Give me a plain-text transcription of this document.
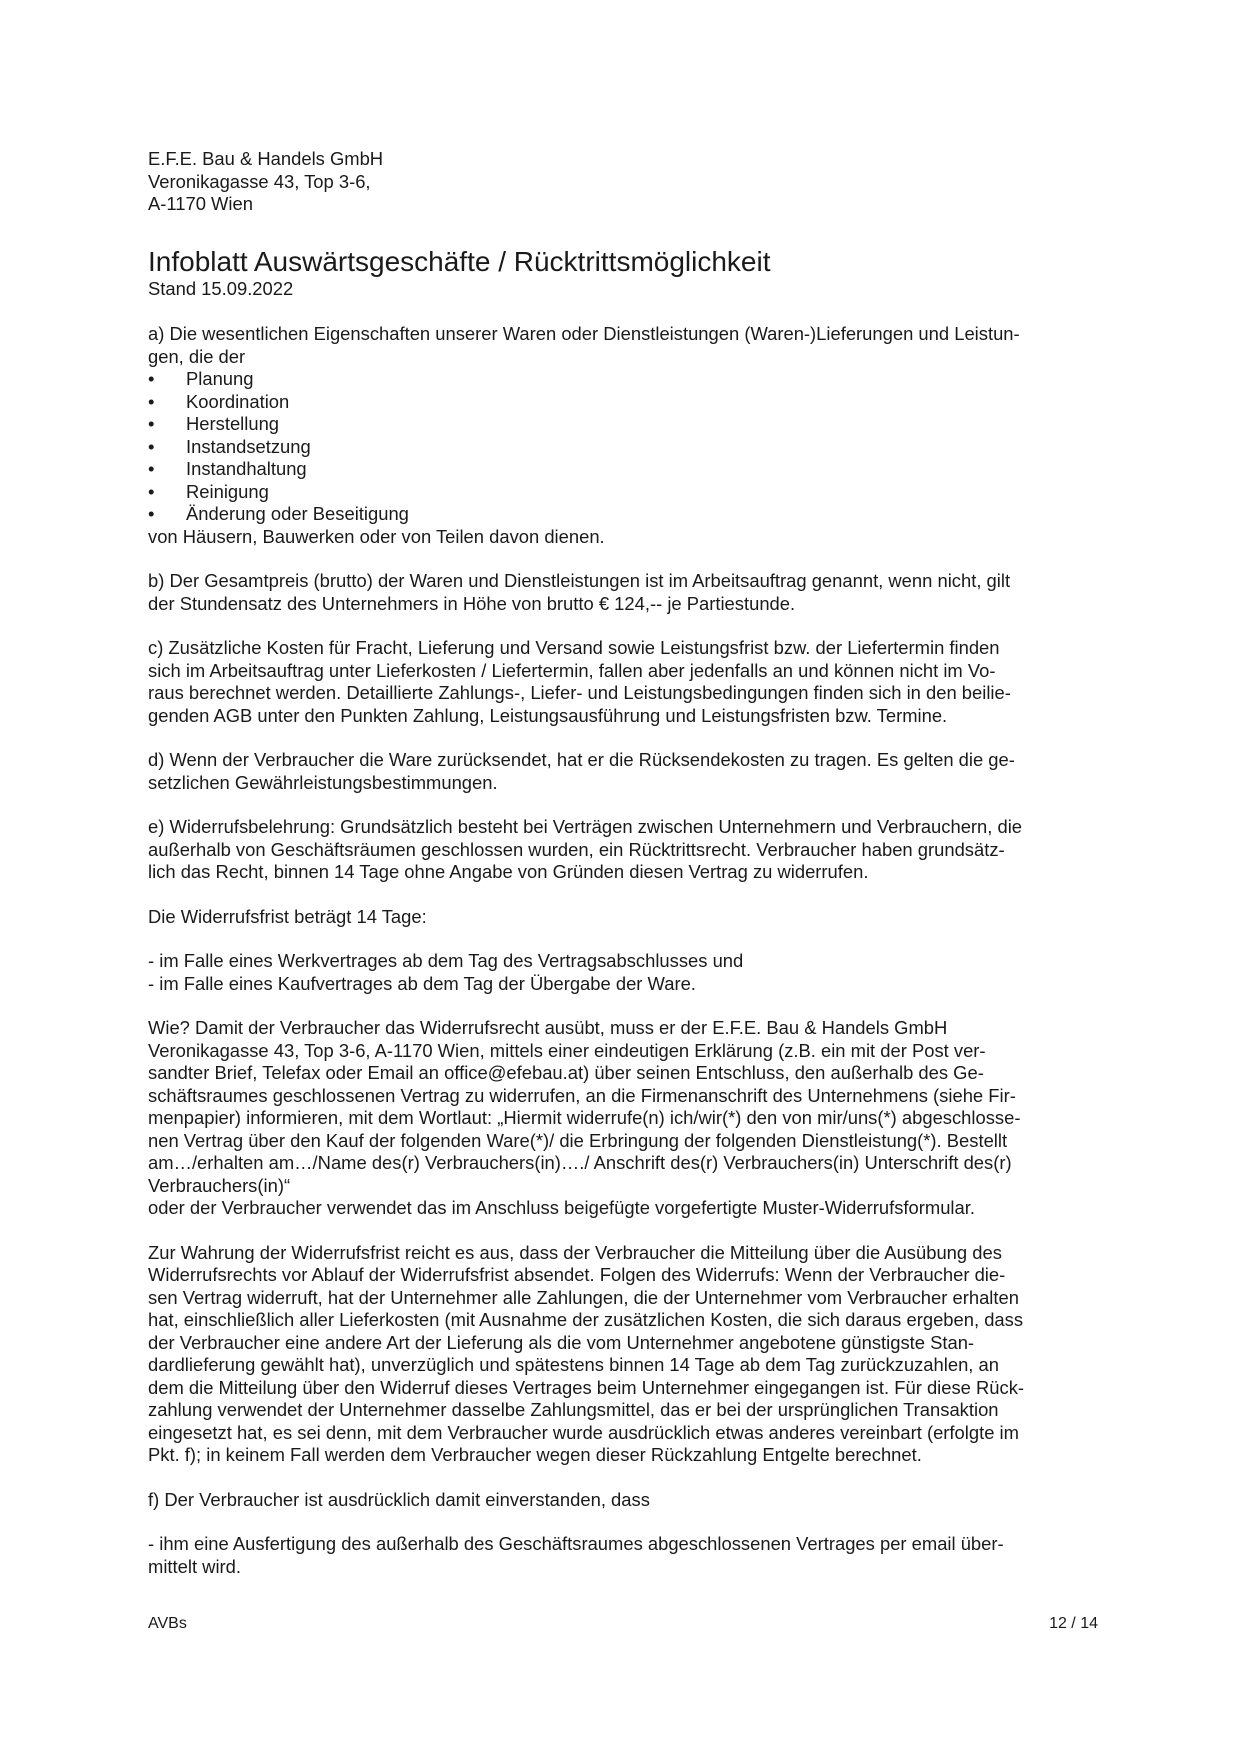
E.F.E. Bau & Handels GmbH
Veronikagasse 43, Top 3-6,
A-1170 Wien
Infoblatt Auswärtsgeschäfte / Rücktrittsmöglichkeit
Stand 15.09.2022
a) Die wesentlichen Eigenschaften unserer Waren oder Dienstleistungen (Waren-)Lieferungen und Leistun-
gen, die der
• Planung
• Koordination
• Herstellung
• Instandsetzung
• Instandhaltung
• Reinigung
• Änderung oder Beseitigung
von Häusern, Bauwerken oder von Teilen davon dienen.
b) Der Gesamtpreis (brutto) der Waren und Dienstleistungen ist im Arbeitsauftrag genannt, wenn nicht, gilt
der Stundensatz des Unternehmers in Höhe von brutto € 124,-- je Partiestunde.
c) Zusätzliche Kosten für Fracht, Lieferung und Versand sowie Leistungsfrist bzw. der Liefertermin finden
sich im Arbeitsauftrag unter Lieferkosten / Liefertermin, fallen aber jedenfalls an und können nicht im Vo-
raus berechnet werden. Detaillierte Zahlungs-, Liefer- und Leistungsbedingungen finden sich in den beilie-
genden AGB unter den Punkten Zahlung, Leistungsausführung und Leistungsfristen bzw. Termine.
d) Wenn der Verbraucher die Ware zurücksendet, hat er die Rücksendekosten zu tragen. Es gelten die ge-
setzlichen Gewährleistungsbestimmungen.
e) Widerrufsbelehrung: Grundsätzlich besteht bei Verträgen zwischen Unternehmern und Verbrauchern, die
außerhalb von Geschäftsräumen geschlossen wurden, ein Rücktrittsrecht. Verbraucher haben grundsätz-
lich das Recht, binnen 14 Tage ohne Angabe von Gründen diesen Vertrag zu widerrufen.
Die Widerrufsfrist beträgt 14 Tage:
- im Falle eines Werkvertrages ab dem Tag des Vertragsabschlusses und
- im Falle eines Kaufvertrages ab dem Tag der Übergabe der Ware.
Wie? Damit der Verbraucher das Widerrufsrecht ausübt, muss er der E.F.E. Bau & Handels GmbH
Veronikagasse 43, Top 3-6, A-1170 Wien, mittels einer eindeutigen Erklärung (z.B. ein mit der Post ver-
sandter Brief, Telefax oder Email an office@efebau.at) über seinen Entschluss, den außerhalb des Ge-
schäftsraumes geschlossenen Vertrag zu widerrufen, an die Firmenanschrift des Unternehmens (siehe Fir-
menpapier) informieren, mit dem Wortlaut: „Hiermit widerrufe(n) ich/wir(*) den von mir/uns(*) abgeschlosse-
nen Vertrag über den Kauf der folgenden Ware(*)/ die Erbringung der folgenden Dienstleistung(*). Bestellt
am…/erhalten am…/Name des(r) Verbrauchers(in)…./ Anschrift des(r) Verbrauchers(in) Unterschrift des(r)
Verbrauchers(in)“
oder der Verbraucher verwendet das im Anschluss beigefügte vorgefertigte Muster-Widerrufsformular.
Zur Wahrung der Widerrufsfrist reicht es aus, dass der Verbraucher die Mitteilung über die Ausübung des
Widerrufsrechts vor Ablauf der Widerrufsfrist absendet. Folgen des Widerrufs: Wenn der Verbraucher die-
sen Vertrag widerruft, hat der Unternehmer alle Zahlungen, die der Unternehmer vom Verbraucher erhalten
hat, einschließlich aller Lieferkosten (mit Ausnahme der zusätzlichen Kosten, die sich daraus ergeben, dass
der Verbraucher eine andere Art der Lieferung als die vom Unternehmer angebotene günstigste Stan-
dardlieferung gewählt hat), unverzüglich und spätestens binnen 14 Tage ab dem Tag zurückzuzahlen, an
dem die Mitteilung über den Widerruf dieses Vertrages beim Unternehmer eingegangen ist. Für diese Rück-
zahlung verwendet der Unternehmer dasselbe Zahlungsmittel, das er bei der ursprünglichen Transaktion
eingesetzt hat, es sei denn, mit dem Verbraucher wurde ausdrücklich etwas anderes vereinbart (erfolgte im
Pkt. f); in keinem Fall werden dem Verbraucher wegen dieser Rückzahlung Entgelte berechnet.
f) Der Verbraucher ist ausdrücklich damit einverstanden, dass
- ihm eine Ausfertigung des außerhalb des Geschäftsraumes abgeschlossenen Vertrages per email über-
mittelt wird.
AVBs	12 / 14
